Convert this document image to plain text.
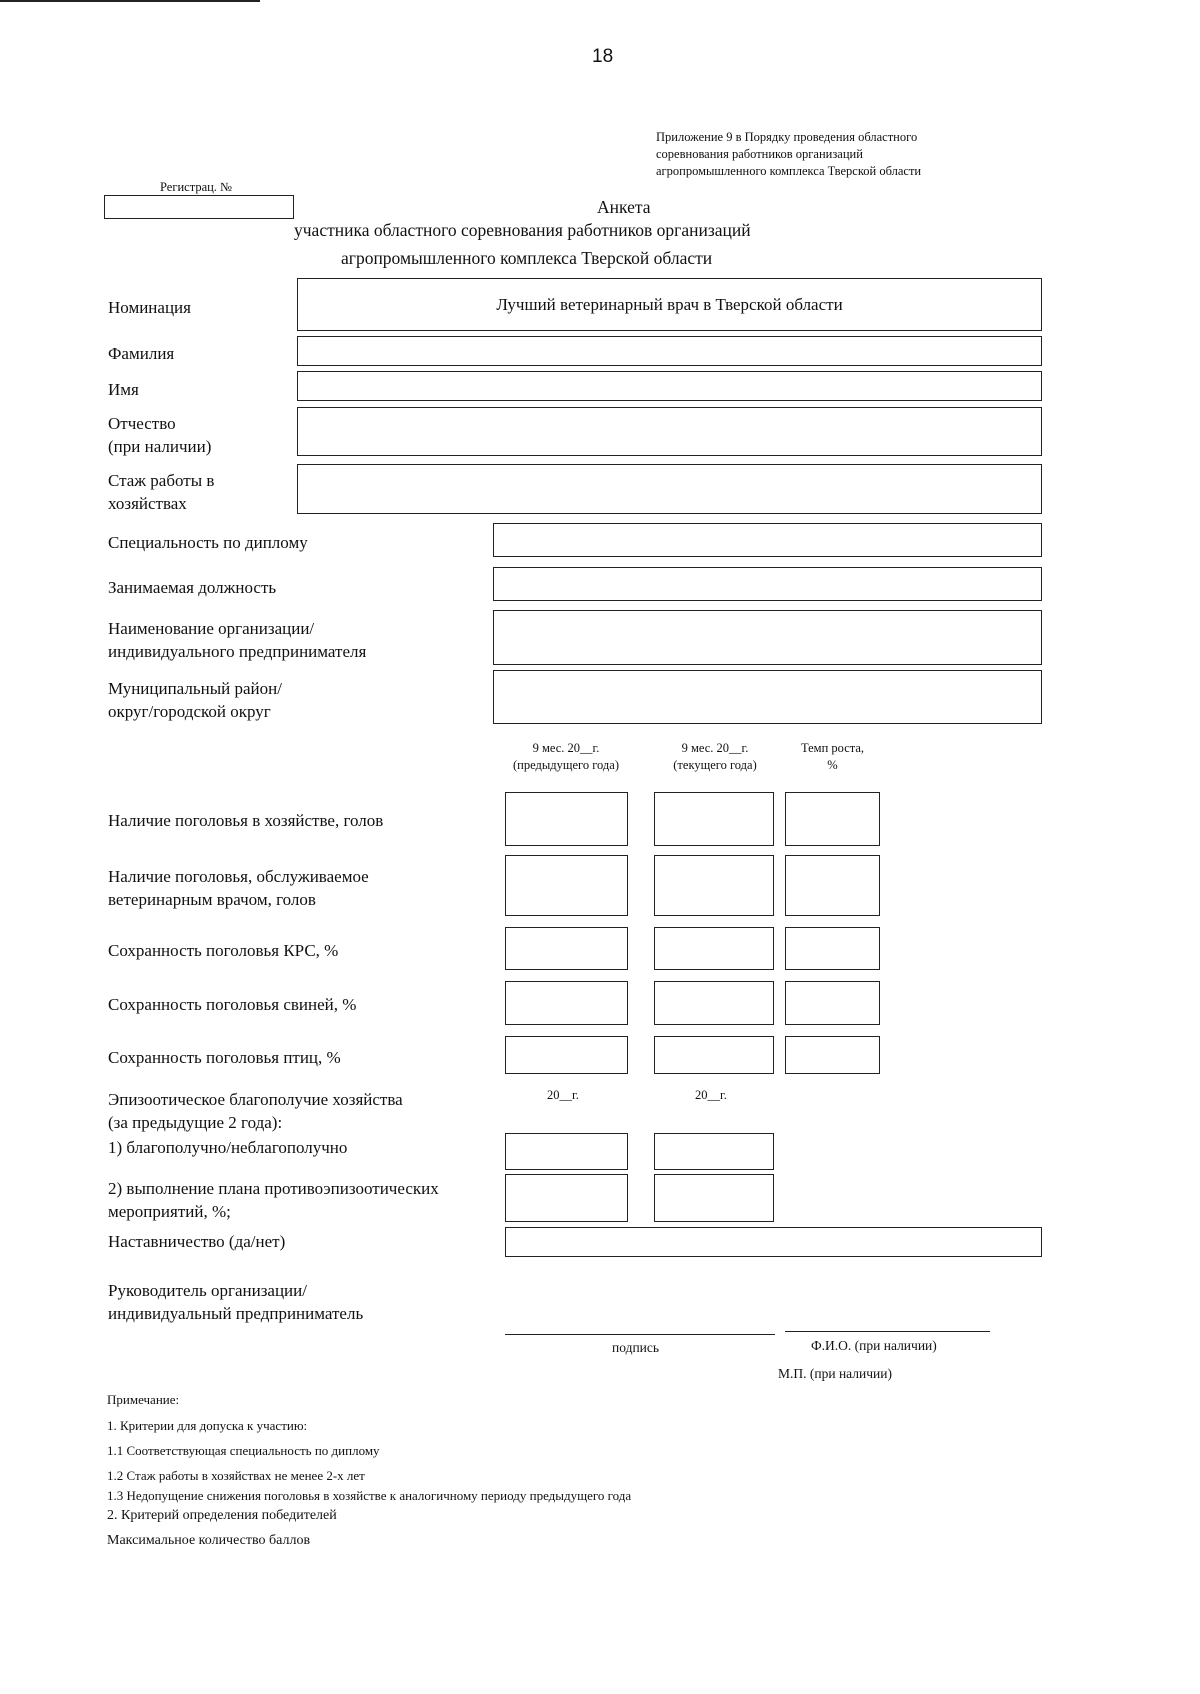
18
Приложение 9 в Порядку проведения областного
соревнования работников организаций
агропромышленного комплекса Тверской области
Регистрац. №
Анкета
участника областного соревнования работников организаций
агропромышленного комплекса Тверской области
Номинация	Лучший ветеринарный врач в Тверской области
Фамилия
Имя
Отчество
(при наличии)
Стаж работы в
хозяйствах
Специальность по диплому
Занимаемая должность
Наименование организации/
индивидуального предпринимателя
Муниципальный район/
округ/городской округ
9 мес. 20__г.
(предыдущего года)
9 мес. 20__г.
(текущего года)
Темп роста,
%
Наличие поголовья в хозяйстве, голов
Наличие поголовья, обслуживаемое
ветеринарным врачом, голов
Сохранность поголовья КРС, %
Сохранность поголовья свиней, %
Сохранность поголовья птиц, %
Эпизоотическое благополучие хозяйства
(за предыдущие 2 года):
20__г.	20__г.
1) благополучно/неблагополучно
2) выполнение плана противоэпизоотических
мероприятий, %;
Наставничество (да/нет)
Руководитель организации/
индивидуальный предприниматель
подпись	Ф.И.О. (при наличии)
М.П. (при наличии)
Примечание:
1. Критерии для допуска к участию:
1.1 Соответствующая специальность по диплому
1.2 Стаж работы в хозяйствах не менее 2-х лет
1.3 Недопущение снижения поголовья в хозяйстве к аналогичному периоду предыдущего года
2. Критерий определения победителей
Максимальное количество баллов
